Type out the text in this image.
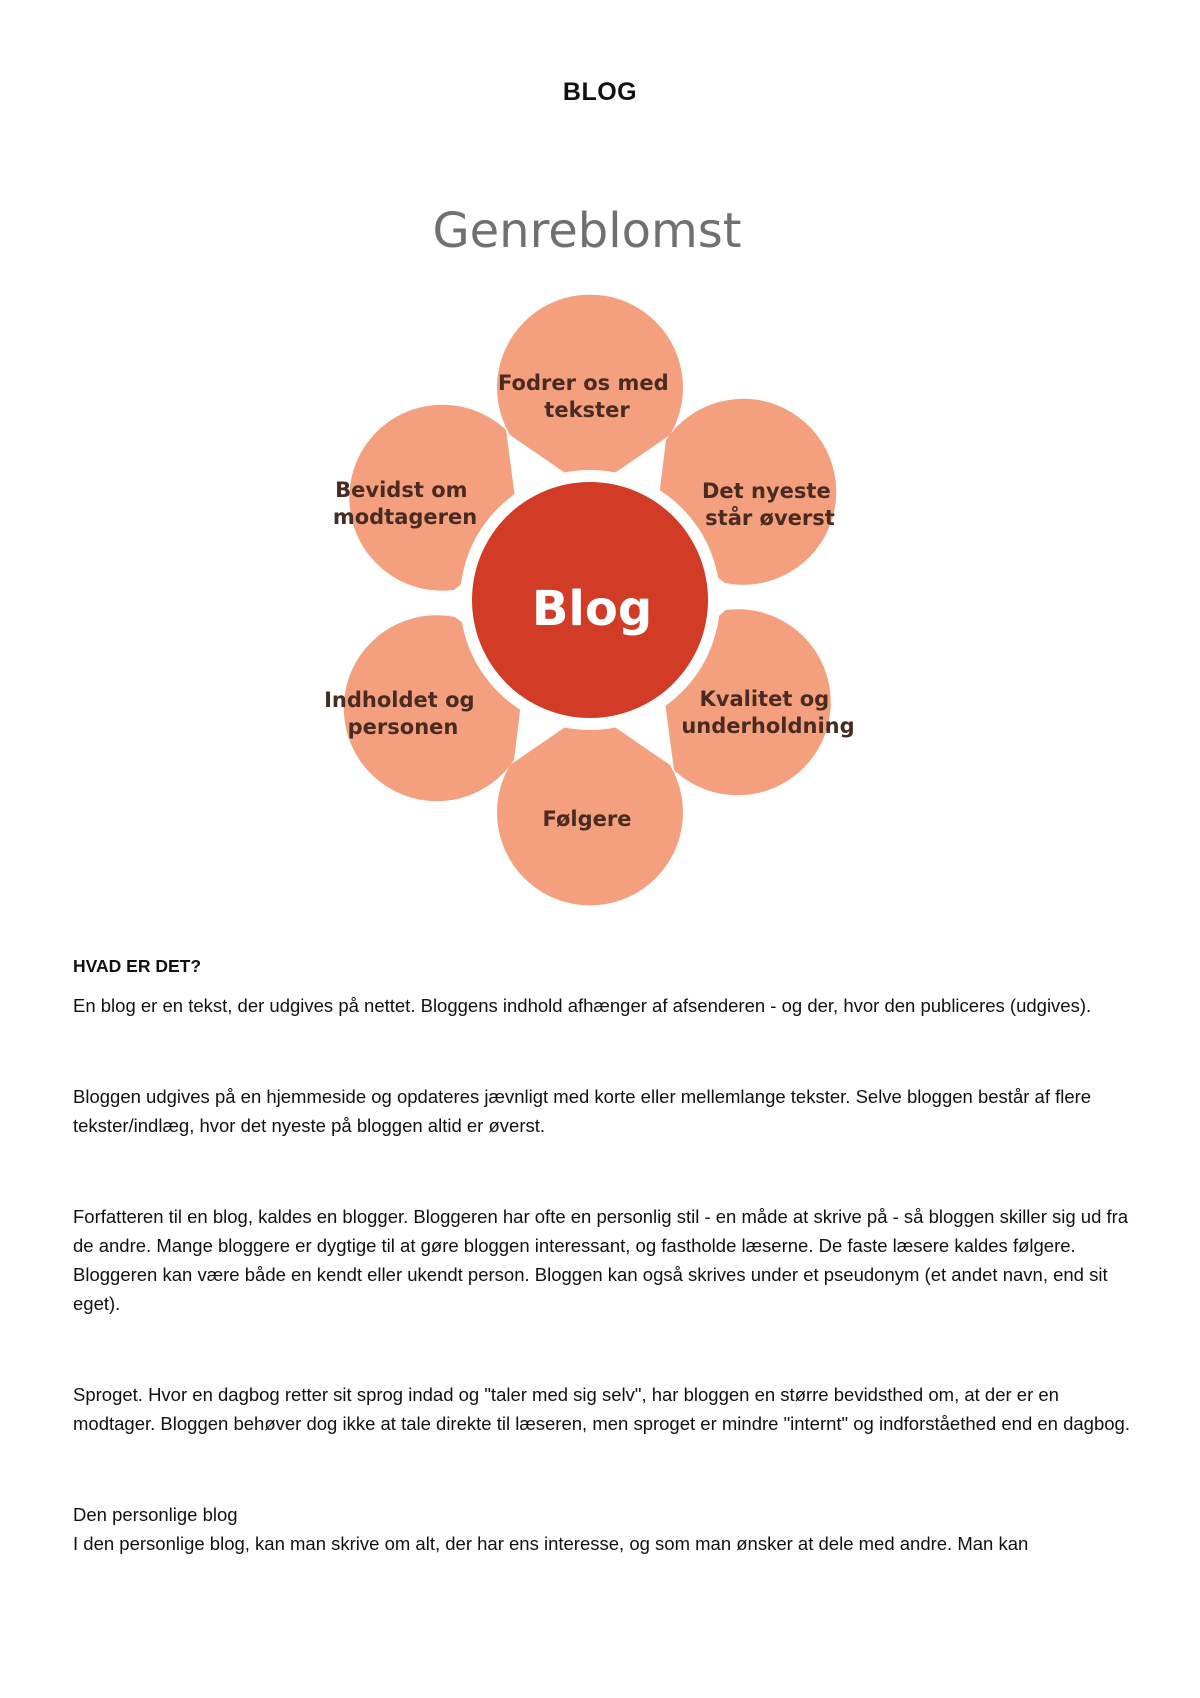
BLOG
Genreblomst
Fodrer os med tekster
Det nyeste står øverst
Kvalitet og underholdning
Følgere
Indholdet og personen
Bevidst om modtageren
Blog
HVAD ER DET?

En blog er en tekst, der udgives på nettet. Bloggens indhold afhænger af afsenderen - og der, hvor den publiceres (udgives).

Bloggen udgives på en hjemmeside og opdateres jævnligt med korte eller mellemlange tekster. Selve bloggen består af flere tekster/indlæg, hvor det nyeste på bloggen altid er øverst.

Forfatteren til en blog, kaldes en blogger. Bloggeren har ofte en personlig stil - en måde at skrive på - så bloggen skiller sig ud fra de andre. Mange bloggere er dygtige til at gøre bloggen interessant, og fastholde læserne. De faste læsere kaldes følgere. Bloggeren kan være både en kendt eller ukendt person. Bloggen kan også skrives under et pseudonym (et andet navn, end sit eget).

Sproget. Hvor en dagbog retter sit sprog indad og "taler med sig selv", har bloggen en større bevidsthed om, at der er en modtager. Bloggen behøver dog ikke at tale direkte til læseren, men sproget er mindre "internt" og indforståethed end en dagbog.

Den personlige blog

I den personlige blog, kan man skrive om alt, der har ens interesse, og som man ønsker at dele med andre. Man kan
